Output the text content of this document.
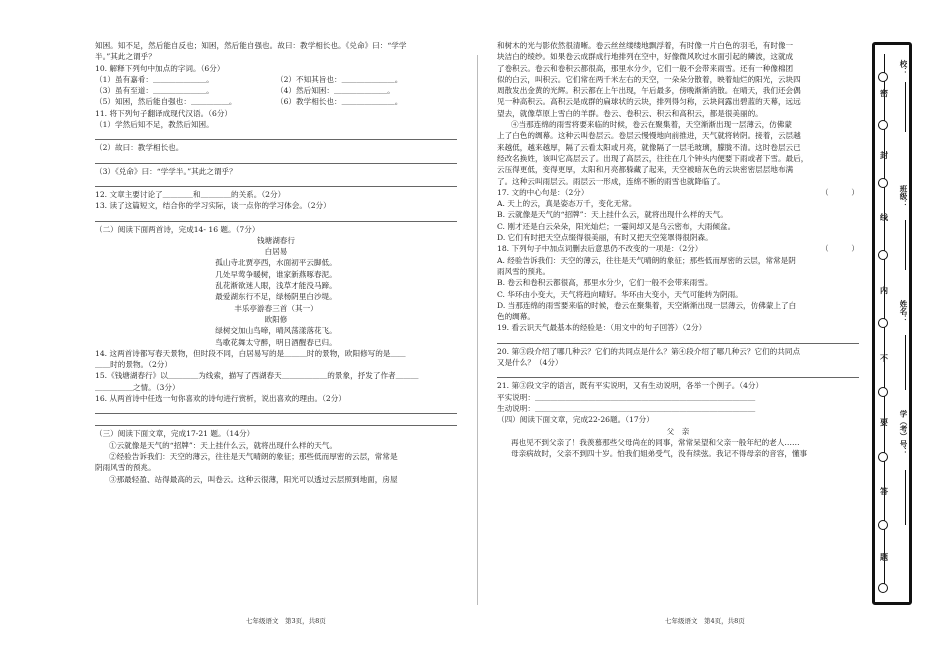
知困。知不足，然后能自反也；知困，然后能自强也。故曰：教学相长也。《兑命》曰：“学学
半。”其此之谓乎？
10. 解释下列句中加点的字词。（6分）
（1）虽有嘉肴：＿＿＿＿＿＿＿。	（2）不知其旨也：＿＿＿＿＿＿＿。
（3）虽有至道：＿＿＿＿＿＿＿。	（4）然后知困：＿＿＿＿＿＿＿。
（5）知困，然后能自强也：＿＿＿＿＿。	（6）教学相长也：＿＿＿＿＿＿＿。
11. 将下列句子翻译成现代汉语。（6分）
（1）学然后知不足，教然后知困。
（2）故曰：教学相长也。
（3）《兑命》曰：“学学半。”其此之谓乎？
12. 文章主要讨论了＿＿＿＿和＿＿＿＿的关系。（2分）
13. 读了这篇短文，结合你的学习实际，谈一点你的学习体会。（2分）
（二）阅读下面两首诗，完成14- 16 题。（7分）
钱塘湖春行
白居易
孤山寺北贾亭西，水面初平云脚低。
几处早莺争暖树，谁家新燕啄春泥。
乱花渐欲迷人眼，浅草才能没马蹄。
最爱湖东行不足，绿杨阴里白沙堤。
丰乐亭游春三首（其一）
欧阳修
绿树交加山鸟啼，晴风荡漾落花飞。
鸟歌花舞太守醉，明日酒醒春已归。
14. 这两首诗都写春天景物，但时段不同，白居易写的是＿＿＿时的景物，欧阳修写的是＿＿
＿＿时的景物。（2分）
15.《钱塘湖春行》以＿＿＿＿为线索，描写了西湖春天＿＿＿＿＿＿的景象，抒发了作者＿＿＿
＿＿＿＿＿之情。（3分）
16. 从两首诗中任选一句你喜欢的诗句进行赏析，说出喜欢的理由。（2分）
（三）阅读下面文章，完成17-21 题。（14分）
①云就像是天气的“招牌”：天上挂什么云，就将出现什么样的天气。
②经验告诉我们：天空的薄云，往往是天气晴朗的象征；那些低而厚密的云层，常常是
阴雨风雪的预兆。
③那最轻盈、站得最高的云，叫卷云。这种云很薄，阳光可以透过云层照到地面，房屋
和树木的光与影依然很清晰。卷云丝丝缕缕地飘浮着，有时像一片白色的羽毛，有时像一
块洁白的绫纱。如果卷云成群成行地排列在空中，好像微风吹过水面引起的鳞波，这就成
了卷积云。卷云和卷积云都很高，那里水分少，它们一般不会带来雨雪。还有一种像棉团
似的白云，叫积云。它们常在两千米左右的天空，一朵朵分散着，映着灿烂的阳光，云块四
周散发出金黄的光辉。积云都在上午出现，午后最多，傍晚渐渐消散。在晴天，我们还会偶
见一种高积云。高积云是成群的扁球状的云块，排列得匀称，云块间露出碧蓝的天幕，远远
望去，就像草原上雪白的羊群。卷云、卷积云、积云和高积云，都是很美丽的。
④当那连绵的雨雪将要来临的时候，卷云在聚集着，天空渐渐出现一层薄云，仿佛蒙
上了白色的绸幕。这种云叫卷层云。卷层云慢慢地向前推进，天气就将转阴。接着，云层越
来越低，越来越厚，隔了云看太阳或月亮，就像隔了一层毛玻璃，朦胧不清。这时卷层云已
经改名换姓，该叫它高层云了。出现了高层云，往往在几个钟头内便要下雨或者下雪。最后，
云压得更低，变得更厚，太阳和月亮都躲藏了起来，天空被暗灰色的云块密密层层地布满
了。这种云叫雨层云。雨层云一形成，连绵不断的雨雪也就降临了。
17. 文的中心句是：（2分）	（　　　）
A. 天上的云，真是姿态万千，变化无常。
B. 云就像是天气的“招牌”：天上挂什么云，就将出现什么样的天气。
C. 刚才还是白云朵朵，阳光灿烂；一霎间却又是乌云密布，大雨倾盆。
D. 它们有时把天空点缀得很美丽，有时又把天空笼罩得很阴森。
18. 下列句子中加点词删去后意思仍不改变的一项是：（2分）	（　　　）
A. 经验告诉我们：天空的薄云，往往是天气晴朗的象征；那些低而厚密的云层，常常是阴
雨风雪的预兆。
B. 卷云和卷积云都很高，那里水分少，它们一般不会带来雨雪。
C. 华环由小变大，天气将趋向晴好。华环由大变小，天气可能转为阴雨。
D. 当那连绵的雨雪要来临的时候，卷云在聚集着，天空渐渐出现一层薄云，仿佛蒙上了白
色的绸幕。
19. 看云识天气最基本的经验是：（用文中的句子回答）（2分）
20. 第③段介绍了哪几种云？它们的共同点是什么？第④段介绍了哪几种云？它们的共同点
又是什么？（4分）
21. 第③段文字的语言，既有平实说明，又有生动说明，各举一个例子。（4分）
平实说明：＿＿＿＿＿＿＿＿＿＿＿＿＿＿＿＿＿＿＿＿＿＿＿＿＿＿＿＿＿
生动说明：＿＿＿＿＿＿＿＿＿＿＿＿＿＿＿＿＿＿＿＿＿＿＿＿＿＿＿＿＿
（四）阅读下面文章，完成22-26题。（17分）
父　亲
再也见不到父亲了！我羡慕那些父母尚在的同事，常常呆望和父亲一般年纪的老人……
母亲病故时，父亲不到四十岁。怕我们姐弟受气，没有续弦。我记不得母亲的音容，懂事
七年级语文　第3页，共8页	七年级语文　第4页，共8页
校：
班级：
姓名：
学（考）号：
密
封
线
内
不
要
答
题
